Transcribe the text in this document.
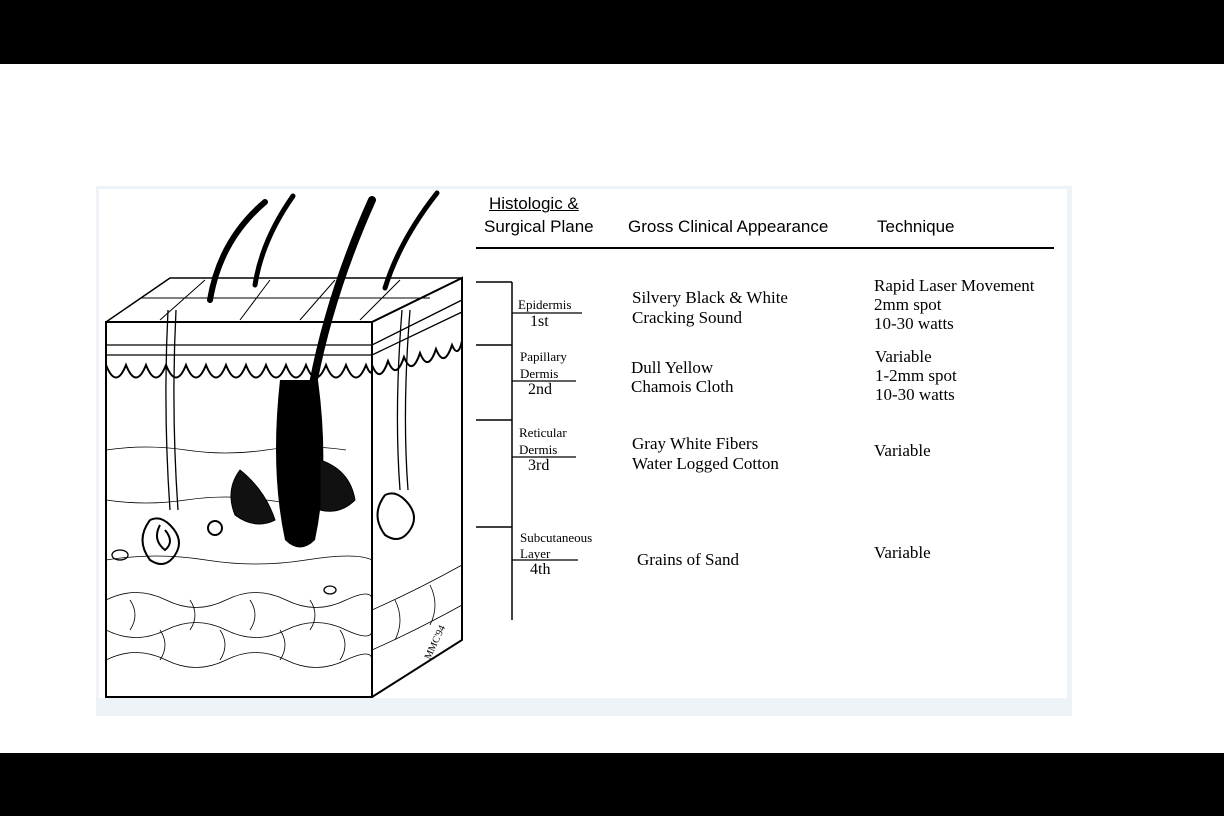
MMC'94
Histologic &
Surgical Plane Gross Clinical Appearance	Technique
Epidermis
1st
Silvery Black & White
Cracking Sound
Rapid Laser Movement
2mm spot
10-30 watts
Papillary
Dermis
2nd
Dull Yellow
Chamois Cloth
Variable
1-2mm spot
10-30 watts
Reticular
Dermis
3rd
Gray White Fibers
Water Logged Cotton
Variable
Subcutaneous
Layer
4th
Grains of Sand	Variable
